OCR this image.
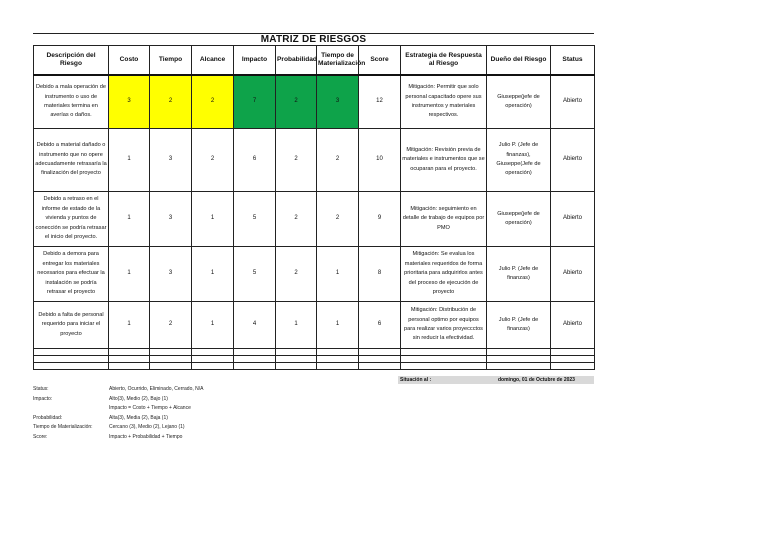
MATRIZ DE RIESGOS
Descripción del Riesgo	Costo	Tiempo	Alcance	Impacto	Probabilidad	Tiempo de Materialización	Score	Estrategia de Respuesta al Riesgo	Dueño del Riesgo	Status
Debido a mala operación de instrumento o uso de materiales termina en averías o daños.	3	2	2	7	2	3	12	Mitigación: Permitir que solo personal capacitado opere sus instrumentos y materiales respectivos.	Giuseppe(jefe de operación)	Abierto
Debido a material dañado o instrumento que no opere adecuadamente retrasaría la finalización del proyecto	1	3	2	6	2	2	10	Mitigación: Revisión previa de materiales e instrumentos que se ocuparan para el proyecto.	Julio P. (Jefe de finanzas), Giuseppe(Jefe de operación)	Abierto
Debido a retraso en el informe de estado de la vivienda y puntos de conección se podría retrasar el inicio del proyecto.	1	3	1	5	2	2	9	Mitigación: seguimiento en detalle de trabajo de equipos por PMO	Giuseppe(jefe de operación)	Abierto
Debido a demora para entregar los materiales necesarios para efectuar la instalación se podría retrasar el proyecto	1	3	1	5	2	1	8	Mitigación: Se evalua los materiales requeridos de forma prioritaria para adquirirlos antes del proceso de ejecución de proyecto	Julio P. (Jefe de finanzas)	Abierto
Debido a falta de personal requerido para iniciar el proyecto	1	2	1	4	1	1	6	Mitigación: Distribución de personal optimo por equipos para realizar varios proyeccctos sin reducir la efectividad.	Julio P. (Jefe de finanzas)	Abierto

Situación al :	domingo, 01 de Octubre de 2023
Status:	Abierto, Ocurrido, Eliminado, Cerrado, N/A
Impacto:	Alto(3), Medio (2), Bajo (1)
Impacto = Costo + Tiempo + Alcance
Probabilidad:	Alta(3), Media (2), Baja (1)
Tiempo de Materialización:	Cercano (3), Medio (2), Lejano (1)
Score:	Impacto + Probabilidad + Tiempo
